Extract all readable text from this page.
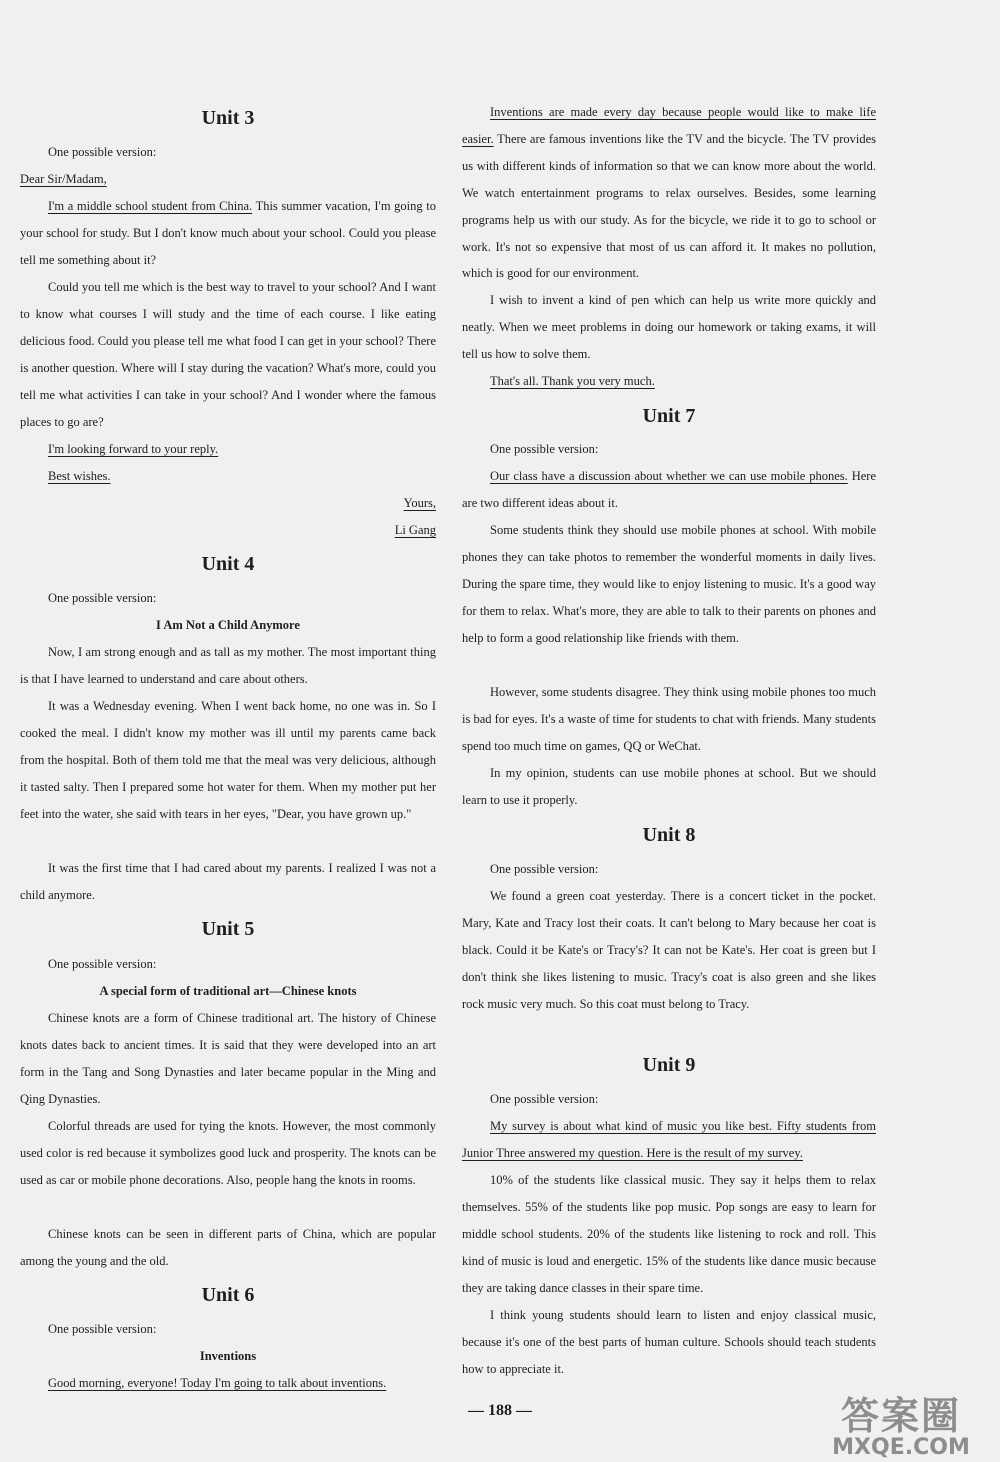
Unit 3

One possible version:

Dear Sir/Madam,

I'm a middle school student from China. This summer vacation, I'm going to your school for study. But I don't know much about your school. Could you please tell me something about it?

Could you tell me which is the best way to travel to your school? And I want to know what courses I will study and the time of each course. I like eating delicious food. Could you please tell me what food I can get in your school? There is another question. Where will I stay during the vacation? What's more, could you tell me what activities I can take in your school? And I wonder where the famous places to go are?

I'm looking forward to your reply.

Best wishes.

Yours,

Li Gang

Unit 4

One possible version:

I Am Not a Child Anymore

Now, I am strong enough and as tall as my mother. The most important thing is that I have learned to understand and care about others.

It was a Wednesday evening. When I went back home, no one was in. So I cooked the meal. I didn't know my mother was ill until my parents came back from the hospital. Both of them told me that the meal was very delicious, although it tasted salty. Then I prepared some hot water for them. When my mother put her feet into the water, she said with tears in her eyes, "Dear, you have grown up."

It was the first time that I had cared about my parents. I realized I was not a child anymore.

Unit 5

One possible version:

A special form of traditional art—Chinese knots

Chinese knots are a form of Chinese traditional art. The history of Chinese knots dates back to ancient times. It is said that they were developed into an art form in the Tang and Song Dynasties and later became popular in the Ming and Qing Dynasties.

Colorful threads are used for tying the knots. However, the most commonly used color is red because it symbolizes good luck and prosperity. The knots can be used as car or mobile phone decorations. Also, people hang the knots in rooms.

Chinese knots can be seen in different parts of China, which are popular among the young and the old.

Unit 6

One possible version:

Inventions

Good morning, everyone! Today I'm going to talk about inventions.

Inventions are made every day because people would like to make life easier. There are famous inventions like the TV and the bicycle. The TV provides us with different kinds of information so that we can know more about the world. We watch entertainment programs to relax ourselves. Besides, some learning programs help us with our study. As for the bicycle, we ride it to go to school or work. It's not so expensive that most of us can afford it. It makes no pollution, which is good for our environment.

I wish to invent a kind of pen which can help us write more quickly and neatly. When we meet problems in doing our homework or taking exams, it will tell us how to solve them.

That's all. Thank you very much.

Unit 7

One possible version:

Our class have a discussion about whether we can use mobile phones. Here are two different ideas about it.

Some students think they should use mobile phones at school. With mobile phones they can take photos to remember the wonderful moments in daily lives. During the spare time, they would like to enjoy listening to music. It's a good way for them to relax. What's more, they are able to talk to their parents on phones and help to form a good relationship like friends with them.

However, some students disagree. They think using mobile phones too much is bad for eyes. It's a waste of time for students to chat with friends. Many students spend too much time on games, QQ or WeChat.

In my opinion, students can use mobile phones at school. But we should learn to use it properly.

Unit 8

One possible version:

We found a green coat yesterday. There is a concert ticket in the pocket. Mary, Kate and Tracy lost their coats. It can't belong to Mary because her coat is black. Could it be Kate's or Tracy's? It can not be Kate's. Her coat is green but I don't think she likes listening to music. Tracy's coat is also green and she likes rock music very much. So this coat must belong to Tracy.

Unit 9

One possible version:

My survey is about what kind of music you like best. Fifty students from Junior Three answered my question. Here is the result of my survey.

10% of the students like classical music. They say it helps them to relax themselves. 55% of the students like pop music. Pop songs are easy to learn for middle school students. 20% of the students like listening to rock and roll. This kind of music is loud and energetic. 15% of the students like dance music because they are taking dance classes in their spare time.

I think young students should learn to listen and enjoy classical music, because it's one of the best parts of human culture. Schools should teach students how to appreciate it.

— 188 —	答案圈
MXQE.COM
